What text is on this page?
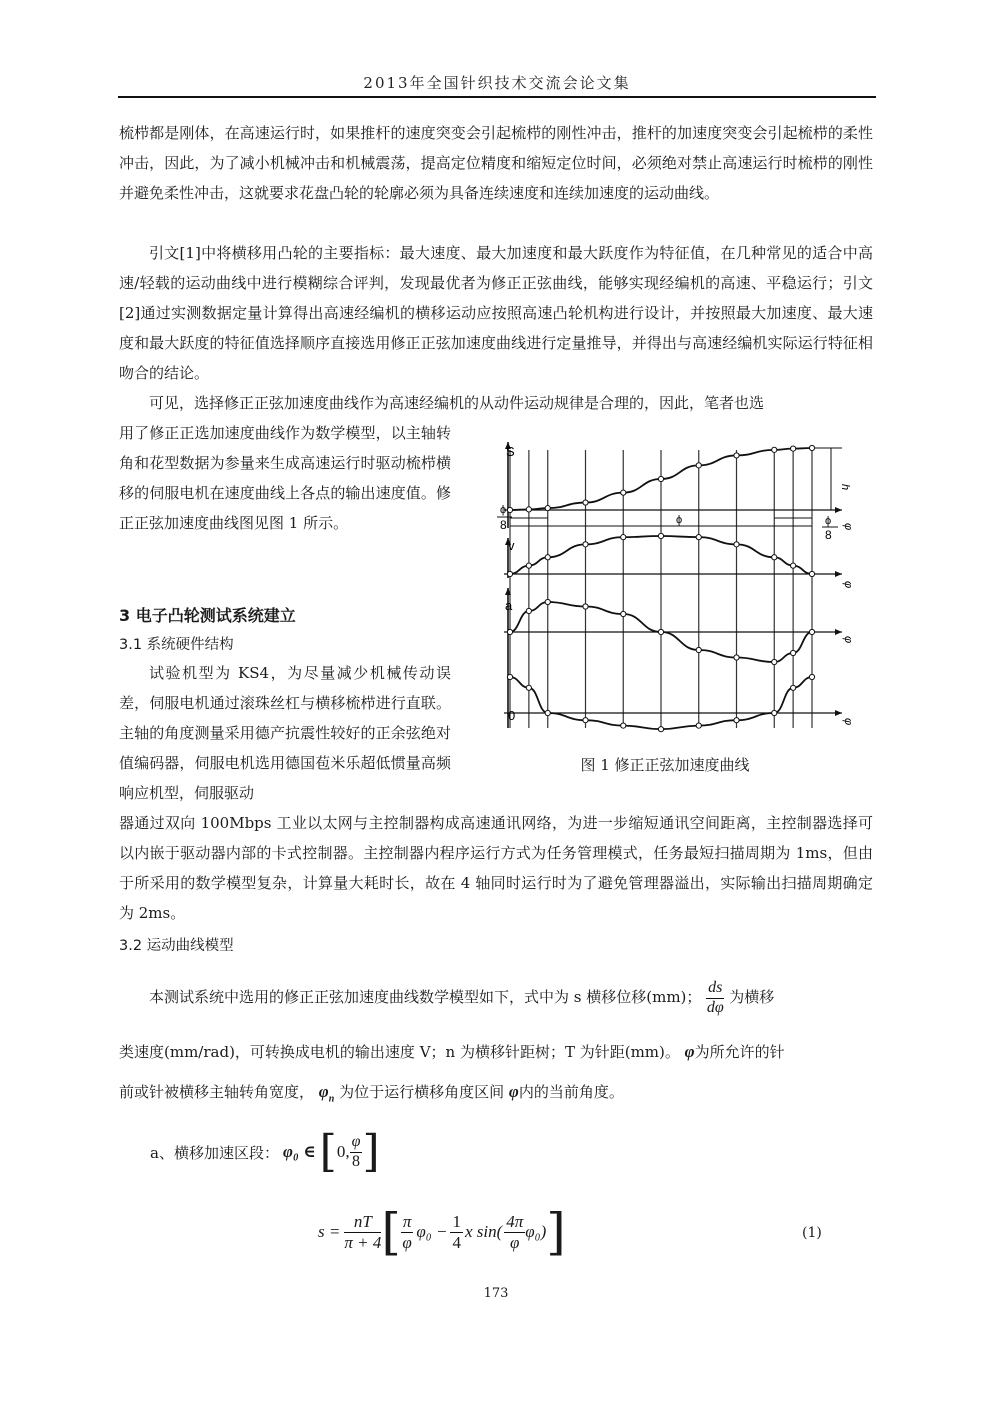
2013年全国针织技术交流会论文集
梳栉都是刚体，在高速运行时，如果推杆的速度突变会引起梳栉的刚性冲击，推杆的加速度突变会引起梳栉的柔性冲击，因此，为了减小机械冲击和机械震荡，提高定位精度和缩短定位时间，必须绝对禁止高速运行时梳栉的刚性并避免柔性冲击，这就要求花盘凸轮的轮廓必须为具备连续速度和连续加速度的运动曲线。
引文[1]中将横移用凸轮的主要指标：最大速度、最大加速度和最大跃度作为特征值，在几种常见的适合中高速/轻载的运动曲线中进行模糊综合评判，发现最优者为修正正弦曲线，能够实现经编机的高速、平稳运行；引文[2]通过实测数据定量计算得出高速经编机的横移运动应按照高速凸轮机构进行设计，并按照最大加速度、最大速度和最大跃度的特征值选择顺序直接选用修正正弦加速度曲线进行定量推导，并得出与高速经编机实际运行特征相吻合的结论。
可见，选择修正正弦加速度曲线作为高速经编机的从动件运动规律是合理的，因此，笔者也选
用了修正正选加速度曲线作为数学模型，以主轴转角和花型数据为参量来生成高速运行时驱动梳栉横移的伺服电机在速度曲线上各点的输出速度值。修正正弦加速度曲线图见图 1 所示。
3 电子凸轮测试系统建立
3.1 系统硬件结构
试验机型为 KS4，为尽量减少机械传动误差，伺服电机通过滚珠丝杠与横移梳栉进行直联。主轴的角度测量采用德产抗震性较好的正余弦绝对值编码器，伺服电机选用德国苞米乐超低惯量高频响应机型，伺服驱动
器通过双向 100Mbps 工业以太网与主控制器构成高速通讯网络，为进一步缩短通讯空间距离，主控制器选择可以内嵌于驱动器内部的卡式控制器。主控制器内程序运行方式为任务管理模式，任务最短扫描周期为 1ms，但由于所采用的数学模型复杂，计算量大耗时长，故在 4 轴同时运行时为了避免管理器溢出，实际输出扫描周期确定为 2ms。
3.2 运动曲线模型
本测试系统中选用的修正正弦加速度曲线数学模型如下，式中为 s 横移位移(mm)； $\frac{ds}{d\varphi}$ 为横移
类速度(mm/rad)，可转换成电机的输出速度 V；n 为横移针距树；T 为针距(mm)。 φ为所允许的针
前或针被横移主轴转角宽度， $\varphi_n$ 为位于运行横移角度区间 φ内的当前角度。
a、横移加速区段： φ₀ ∈ [ 0, $\frac{\varphi}{8}$ ]
$s = \frac{nT}{\pi + 4}$ [ $\frac{\pi}{\varphi} \varphi_0 - \frac{1}{4}$ x $\sin( \frac{4\pi}{\varphi} \varphi_0)$ ]	(1)
S
v
a
0
ϕ
8	ϕ	ϕ
8
h
φ
φ
φ
φ
图 1 修正正弦加速度曲线
173
